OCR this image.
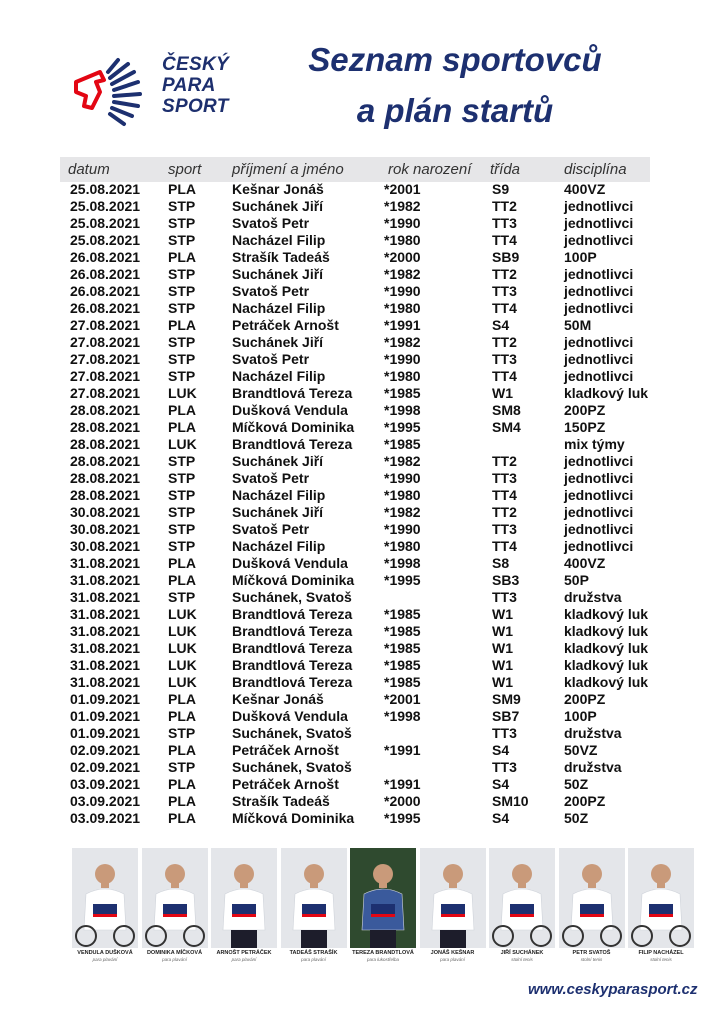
ČESKÝ
PARA
SPORT
Seznam sportovců
a plán startů
datum	sport příjmení a jméno	rok narození třída	disciplína
25.08.2021 PLA	Kešnar Jonáš	*2001	S9	400VZ
25.08.2021 STP	Suchánek Jiří	*1982	TT2	jednotlivci
25.08.2021 STP	Svatoš Petr	*1990	TT3	jednotlivci
25.08.2021 STP	Nacházel Filip	*1980	TT4	jednotlivci
26.08.2021 PLA	Strašík Tadeáš	*2000	SB9	100P
26.08.2021 STP	Suchánek Jiří	*1982	TT2	jednotlivci
26.08.2021 STP	Svatoš Petr	*1990	TT3	jednotlivci
26.08.2021 STP	Nacházel Filip	*1980	TT4	jednotlivci
27.08.2021 PLA	Petráček Arnošt	*1991	S4	50M
27.08.2021 STP	Suchánek Jiří	*1982	TT2	jednotlivci
27.08.2021 STP	Svatoš Petr	*1990	TT3	jednotlivci
27.08.2021 STP	Nacházel Filip	*1980	TT4	jednotlivci
27.08.2021 LUK	Brandtlová Tereza *1985	W1	kladkový luk
28.08.2021 PLA	Dušková Vendula	*1998	SM8	200PZ
28.08.2021 PLA	Míčková Dominika *1995	SM4	150PZ
28.08.2021 LUK	Brandtlová Tereza *1985	mix týmy
28.08.2021 STP	Suchánek Jiří	*1982	TT2	jednotlivci
28.08.2021 STP	Svatoš Petr	*1990	TT3	jednotlivci
28.08.2021 STP	Nacházel Filip	*1980	TT4	jednotlivci
30.08.2021 STP	Suchánek Jiří	*1982	TT2	jednotlivci
30.08.2021 STP	Svatoš Petr	*1990	TT3	jednotlivci
30.08.2021 STP	Nacházel Filip	*1980	TT4	jednotlivci
31.08.2021 PLA	Dušková Vendula	*1998	S8	400VZ
31.08.2021 PLA	Míčková Dominika *1995	SB3	50P
31.08.2021 STP	Suchánek, Svatoš	TT3	družstva
31.08.2021 LUK	Brandtlová Tereza *1985	W1	kladkový luk
31.08.2021 LUK	Brandtlová Tereza *1985	W1	kladkový luk
31.08.2021 LUK	Brandtlová Tereza *1985	W1	kladkový luk
31.08.2021 LUK	Brandtlová Tereza *1985	W1	kladkový luk
31.08.2021 LUK	Brandtlová Tereza *1985	W1	kladkový luk
01.09.2021 PLA	Kešnar Jonáš	*2001	SM9	200PZ
01.09.2021 PLA	Dušková Vendula	*1998	SB7	100P
01.09.2021 STP	Suchánek, Svatoš	TT3	družstva
02.09.2021 PLA	Petráček Arnošt	*1991	S4	50VZ
02.09.2021 STP	Suchánek, Svatoš	TT3	družstva
03.09.2021 PLA	Petráček Arnošt	*1991	S4	50Z
03.09.2021 PLA	Strašík Tadeáš	*2000	SM10	200PZ
03.09.2021 PLA	Míčková Dominika *1995	S4	50Z
VENDULA DUŠKOVÁ
para plavání
DOMINIKA MÍČKOVÁ
para plavání
ARNOŠT PETRÁČEK
para plavání
TADEÁŠ STRAŠÍK
para plavání
TEREZA BRANDTLOVÁ
para lukostřelba
JONÁŠ KEŠNAR
para plavání
JIŘÍ SUCHÁNEK
stolní tenis
PETR SVATOŠ
stolní tenis
FILIP NACHÁZEL
stolní tenis
www.ceskyparasport.cz
